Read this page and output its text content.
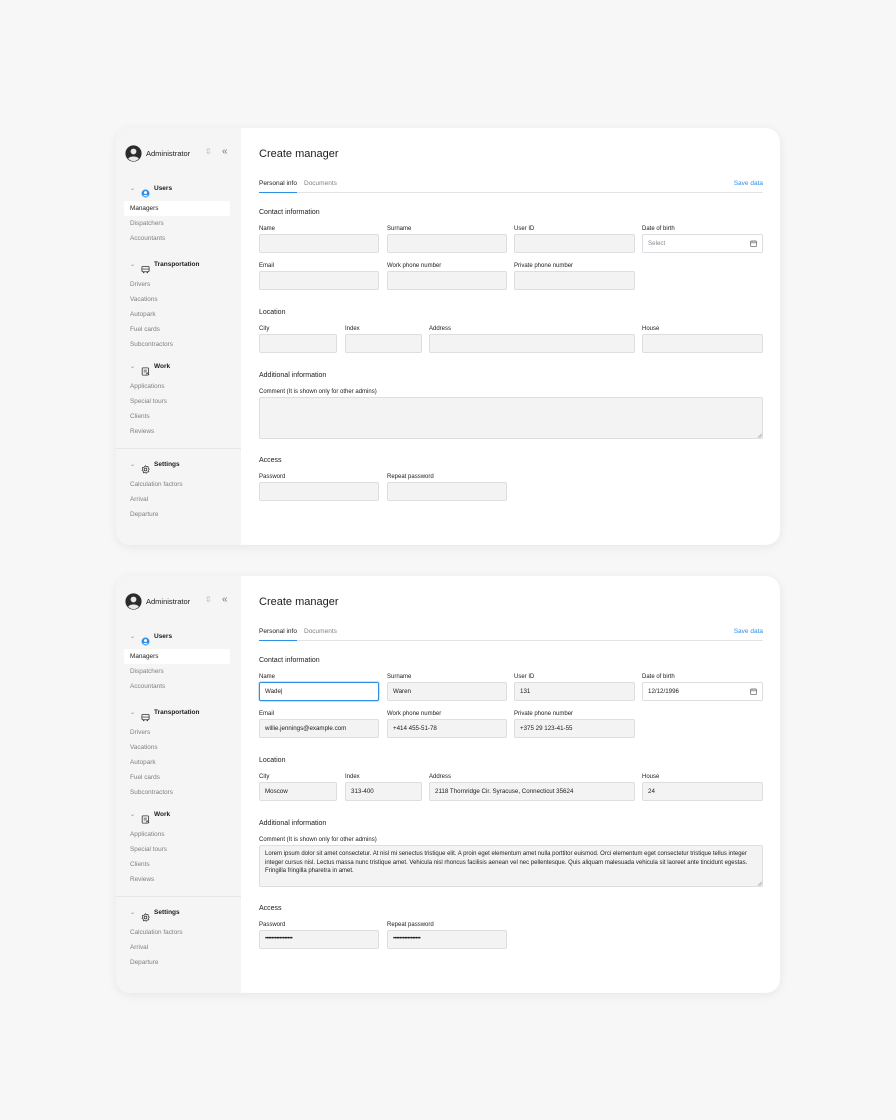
Administrator ⇳ «
⌄	Users
Managers
Dispatchers
Accountants
⌄	Transportation
Drivers
Vacations
Autopark
Fuel cards
Subcontractors
⌄	Work
Applications
Special tours
Clients
Reviews
⌄	Settings
Calculation factors
Arrival
Departure
Create manager
Personal info Documents	Save data
Contact information
Name	Surname	User ID	Date of birth
Select
Email	Work phone number	Private phone number
Location
City	Index	Address	House
Additional information
Comment (It is shown only for other admins)
Access
Password	Repeat password
Administrator ⇳ «
⌄	Users
Managers
Dispatchers
Accountants
⌄	Transportation
Drivers
Vacations
Autopark
Fuel cards
Subcontractors
⌄	Work
Applications
Special tours
Clients
Reviews
⌄	Settings
Calculation factors
Arrival
Departure
Create manager
Personal info Documents	Save data
Contact information
Name
Wade|
Surname
Waren
User ID
131
Date of birth
12/12/1996
Email
willie.jennings@example.com
Work phone number
+414 455-51-78
Private phone number
+375 29 123-41-55
Location
City
Moscow
Index
313-400
Address
2118 Thornridge Cir. Syracuse, Connecticut 35624
House
24
Additional information
Comment (It is shown only for other admins)
Lorem ipsum dolor sit amet consectetur. At nisl mi senectus tristique elit. A proin eget elementum amet nulla porttitor euismod. Orci elementum eget consectetur tristique tellus integer integer cursus nisl. Lectus massa nunc tristique amet. Vehicula nisl rhoncus facilisis aenean vel nec pellentesque. Quis aliquam malesuada vehicula sit laoreet ante tincidunt egestas. Fringilla fringilla pharetra in amet.
Access
Password
•••••••••••••••••
Repeat password
•••••••••••••••••
